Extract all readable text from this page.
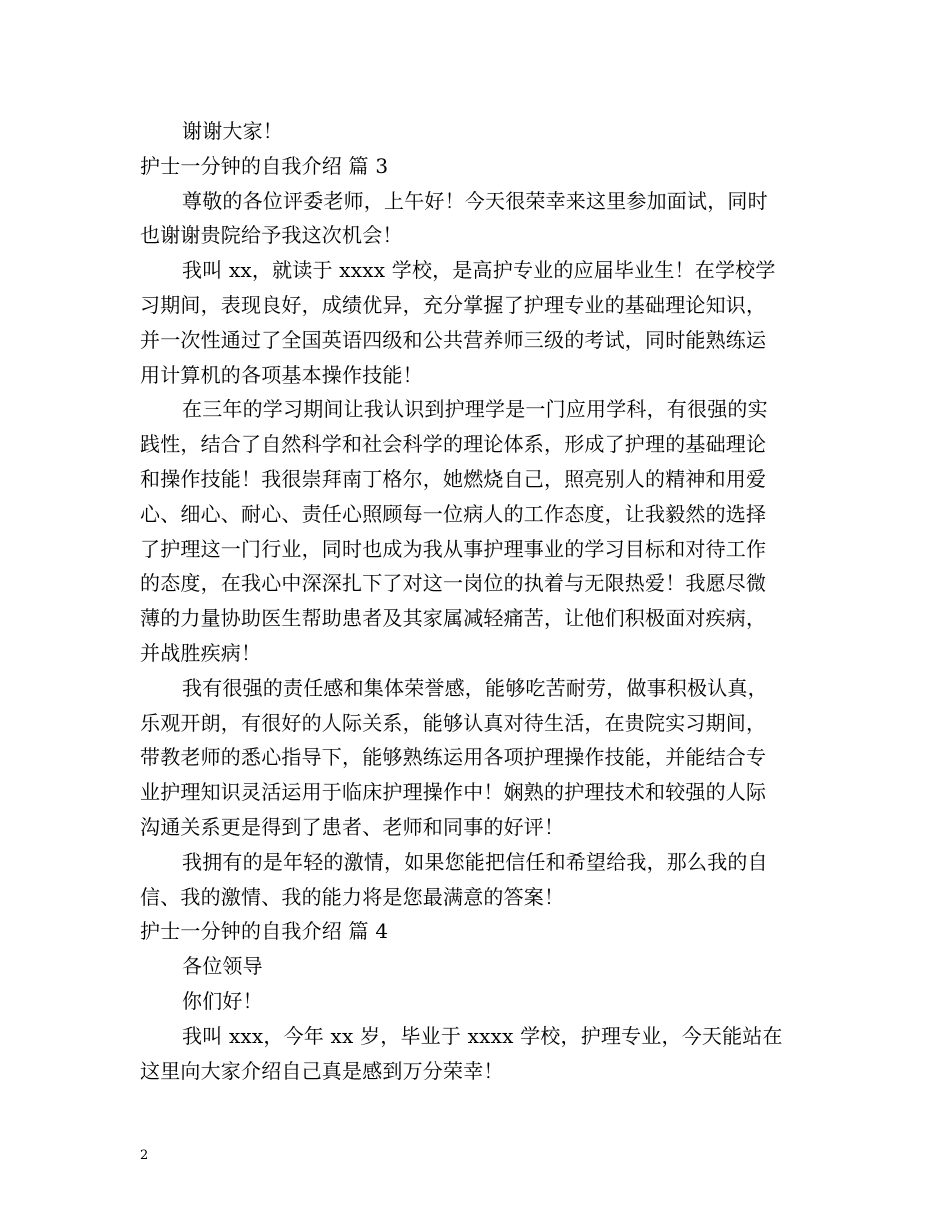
谢谢大家！
护士一分钟的自我介绍 篇 3
尊敬的各位评委老师，上午好！今天很荣幸来这里参加面试，同时
也谢谢贵院给予我这次机会！
我叫 xx，就读于 xxxx 学校，是高护专业的应届毕业生！在学校学
习期间，表现良好，成绩优异，充分掌握了护理专业的基础理论知识，
并一次性通过了全国英语四级和公共营养师三级的考试，同时能熟练运
用计算机的各项基本操作技能！
在三年的学习期间让我认识到护理学是一门应用学科，有很强的实
践性，结合了自然科学和社会科学的理论体系，形成了护理的基础理论
和操作技能！我很崇拜南丁格尔，她燃烧自己，照亮别人的精神和用爱
心、细心、耐心、责任心照顾每一位病人的工作态度，让我毅然的选择
了护理这一门行业，同时也成为我从事护理事业的学习目标和对待工作
的态度，在我心中深深扎下了对这一岗位的执着与无限热爱！我愿尽微
薄的力量协助医生帮助患者及其家属减轻痛苦，让他们积极面对疾病，
并战胜疾病！
我有很强的责任感和集体荣誉感，能够吃苦耐劳，做事积极认真，
乐观开朗，有很好的人际关系，能够认真对待生活，在贵院实习期间，
带教老师的悉心指导下，能够熟练运用各项护理操作技能，并能结合专
业护理知识灵活运用于临床护理操作中！娴熟的护理技术和较强的人际
沟通关系更是得到了患者、老师和同事的好评！
我拥有的是年轻的激情，如果您能把信任和希望给我，那么我的自
信、我的激情、我的能力将是您最满意的答案！
护士一分钟的自我介绍 篇 4
各位领导
你们好！
我叫 xxx，今年 xx 岁，毕业于 xxxx 学校，护理专业，今天能站在
这里向大家介绍自己真是感到万分荣幸！
2
